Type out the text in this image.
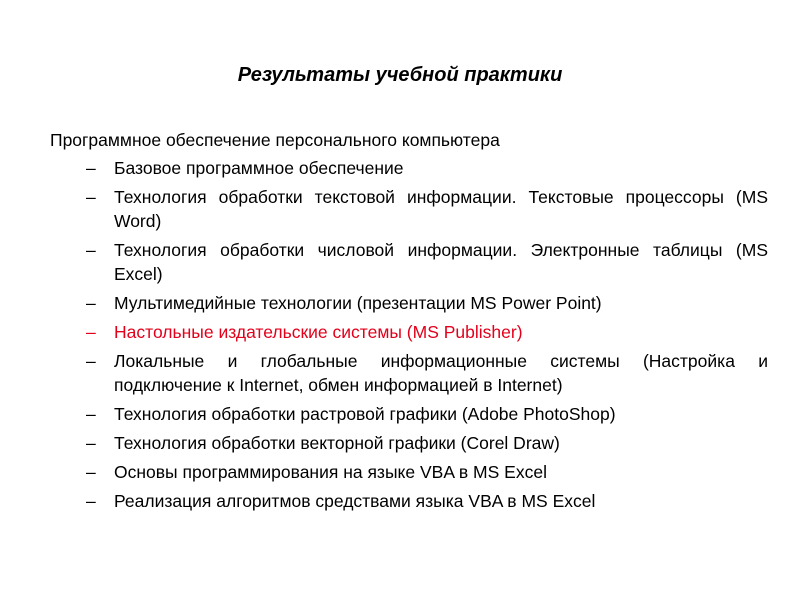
Результаты учебной практики
Программное обеспечение персонального компьютера
– Базовое программное обеспечение
– Технология обработки текстовой информации. Текстовые процессоры (MS Word)
– Технология обработки числовой информации. Электронные таблицы (MS Excel)
– Мультимедийные технологии (презентации MS Power Point)
– Настольные издательские системы (MS Publisher)
– Локальные и глобальные информационные системы (Настройка и подключение к Internet, обмен информацией в Internet)
– Технология обработки растровой графики (Adobe PhotoShop)
– Технология обработки векторной графики (Corel Draw)
– Основы программирования на языке VBA в MS Excel
– Реализация алгоритмов средствами языка VBA в MS Excel
